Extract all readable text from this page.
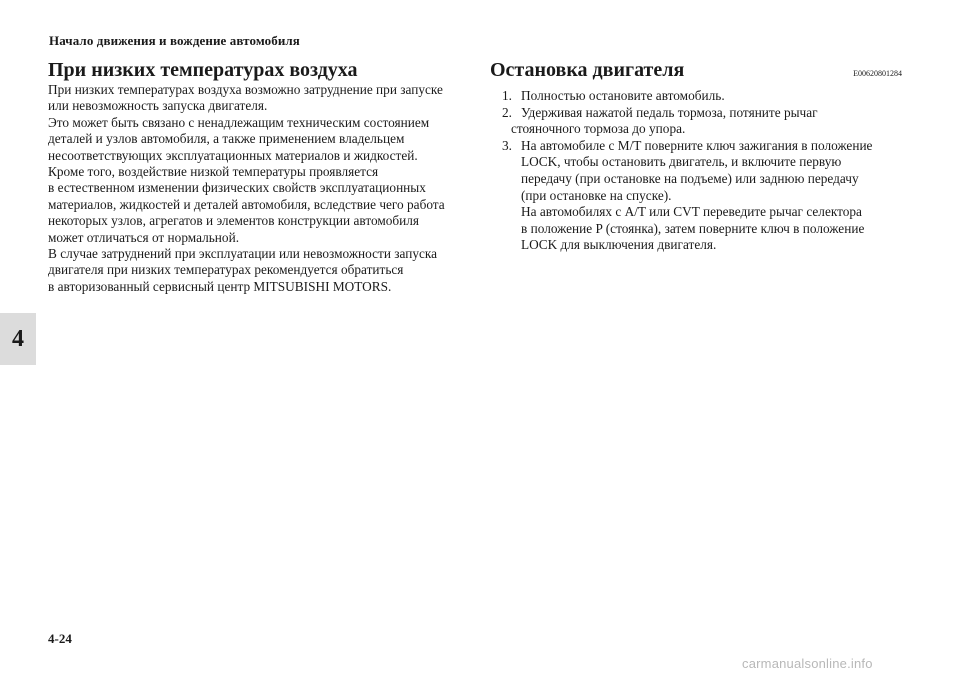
Начало движения и вождение автомобиля
4
При низких температурах воздуха
При низких температурах воздуха возможно затруднение при запуске
или невозможность запуска двигателя.
Это может быть связано с ненадлежащим техническим состоянием
деталей и узлов автомобиля, а также применением владельцем
несоответствующих эксплуатационных материалов и жидкостей.
Кроме того, воздействие низкой температуры проявляется
в естественном изменении физических свойств эксплуатационных
материалов, жидкостей и деталей автомобиля, вследствие чего работа
некоторых узлов, агрегатов и элементов конструкции автомобиля
может отличаться от нормальной.
В случае затруднений при эксплуатации или невозможности запуска
двигателя при низких температурах рекомендуется обратиться
в авторизованный сервисный центр MITSUBISHI MOTORS.
Остановка двигателя	E00620801284
1. Полностью остановите автомобиль.
2. Удерживая нажатой педаль тормоза, потяните рычаг
стояночного тормоза до упора.
3. На автомобиле с M/T поверните ключ зажигания в положение
LOCK, чтобы остановить двигатель, и включите первую
передачу (при остановке на подъеме) или заднюю передачу
(при остановке на спуске).
На автомобилях с A/T или CVT переведите рычаг селектора
в положение P (стоянка), затем поверните ключ в положение
LOCK для выключения двигателя.
4-24
carmanualsonline.info
